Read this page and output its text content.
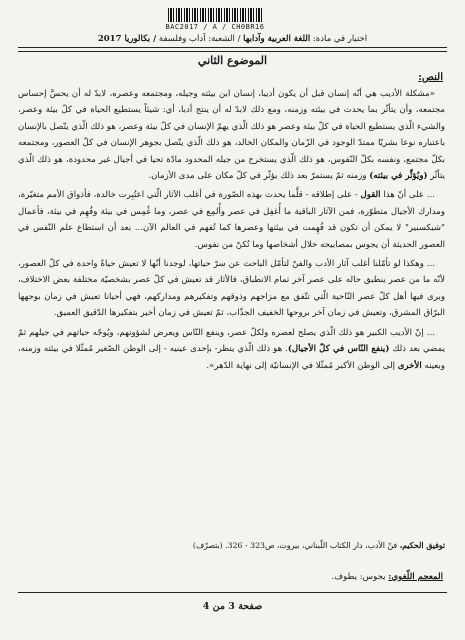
BAC2017 / A / CH0BR16
اختبار في مادة: اللغة العربية وآدابها / الشعبة: آداب وفلسفة / بكالوريا 2017
الموضوع الثاني
النص:

«مشكلة الأديب هي أنّه إنسان قبل أن يكون أديبا، إنسان ابن بيئته وجيله، ومجتمعه وعصره، لابدّ له أن يحسَّ إحساس مجتمعه، وأن يتأثّر بما يحدث في بيئته وزمنه، ومع ذلك لابدّ له أن ينتج أدبا، أي: شيئاً يستطيع الحياة في كلّ بيئة وعصر، والشيء الّذي يستطيع الحياة في كلّ بيئة وعصر هو ذلك الّذي يهمّ الإنسان في كلّ بيئة وعصر، هو ذلك الّذي يتّصل بالإنسان باعتباره نوعا بشريّا ممتدّ الوجود في الزّمان والمكان الخالد، هو ذلك الّذي يتّصل بجوهر الإنسان في كلّ العصور، ومجتمعه بكلّ مجتمع، ونفسه بكلّ النّفوس، هو ذلك الّذي يستخرج من جيله المحدود مادّة تحيا في أجيال غير محدودة، هو ذلك الّذي يتأثّر (ويُؤثِّر في بيئته) وزمنه ثمّ يستمرّ بعد ذلك يؤثّر في كلّ مكان على مدى الأزمان.

... على أنّ هذا القول - على إطلاقه - قلَّما يحدث بهذه الصّورة في أغلب الآثار الّتي اعتُبِرت خالدة، فأذواق الأمم متغيّرة، ومدارك الأجيال متطوّرة، فمن الآثار الباقية ما أُغفِل في عصر وأُلمِع في عصر، وما غُمِس في بيئة وفُهِم في بيئة، فأعمال "شيكسبير" لا يمكن أن تكون قد فُهِمت في بيئتها وعصرها كما تُفهم في العالم الآن... بعد أن استطاع علم النّفس في العصور الحديثة أن يجوس بمصابيحه خلال أشخاصها وما تُكنّ من نفوس.

... وهكذا لو تأمّلنا أغلب آثار الأدب والفنّ لتأمّل الباحث عن سرّ حياتها، لوجدنا أنّها لا تعيش حياةً واحدة في كلّ العصور، لأنّه ما من عصر ينطبق حاله على عصر آخر تمام الانطباق، فالأثار قد تعيش في كلّ عصر بشخصيّة مختلفة بعض الاختلاف، وبرى فيها أهل كلّ عصر النّاحية الّتي تتّفق مع مزاجهم وذوقهم وتفكيرهم ومداركهم، فهي أحيانا تعيش في زمان بوجهها البرّاق المشرق، وتعيش في زمان آخر بروحها الخفيف الجذّاب، ثمّ تعيش في زمان أخير بتفكيرها الدّقيق العميق.

... إنّ الأديب الكبير هو ذلك الّذي يصلح لعصره ولكلّ عصر، وينفع النّاس ويعرض لشؤونهم، ويُوجّه حياتهم في جيلهم ثمّ يمضي بعد ذلك (ينفع النّاس في كلّ الأجيال). هو ذلك الّذي ينظر- بإحدى عينيه - إلى الوطن الصّغير مُمثّلا في بيئته وزمنه، وبعينه الأخرى إلى الوطن الأكبر مُمثّلا في الإنسانيّة إلى نهاية الدّهر».

توفيق الحكيم، فنّ الأدب، دار الكتاب اللّبناني، بيروت، ص323 - 326. (بتصرّف)
المعجم اللّغوي: يجوس: يطوف.
صفحة 3 من 4
